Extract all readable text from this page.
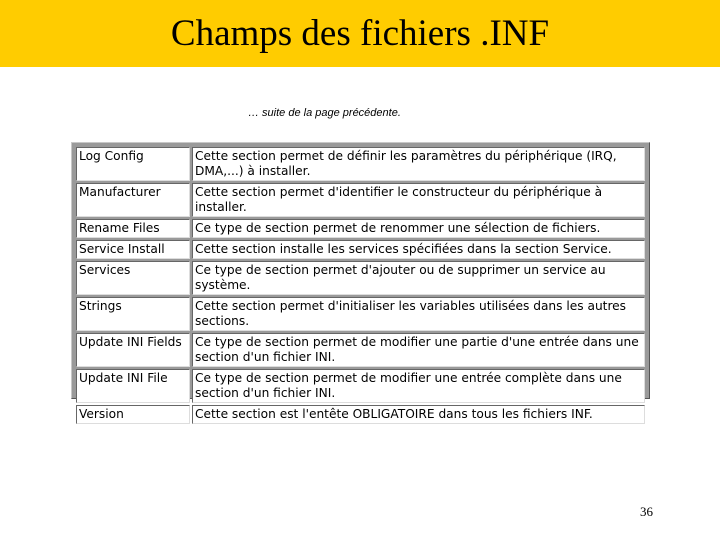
Champs des fichiers .INF
… suite de la page précédente.
Log Config	Cette section permet de définir les paramètres du périphérique (IRQ, DMA,...) à installer.
Manufacturer	Cette section permet d'identifier le constructeur du périphérique à installer.
Rename Files	Ce type de section permet de renommer une sélection de fichiers.
Service Install	Cette section installe les services spécifiées dans la section Service.
Services	Ce type de section permet d'ajouter ou de supprimer un service au système.
Strings	Cette section permet d'initialiser les variables utilisées dans les autres sections.
Update INI Fields	Ce type de section permet de modifier une partie d'une entrée dans une section d'un fichier INI.
Update INI File	Ce type de section permet de modifier une entrée complète dans une section d'un fichier INI.
Version	Cette section est l'entête OBLIGATOIRE dans tous les fichiers INF.
36
